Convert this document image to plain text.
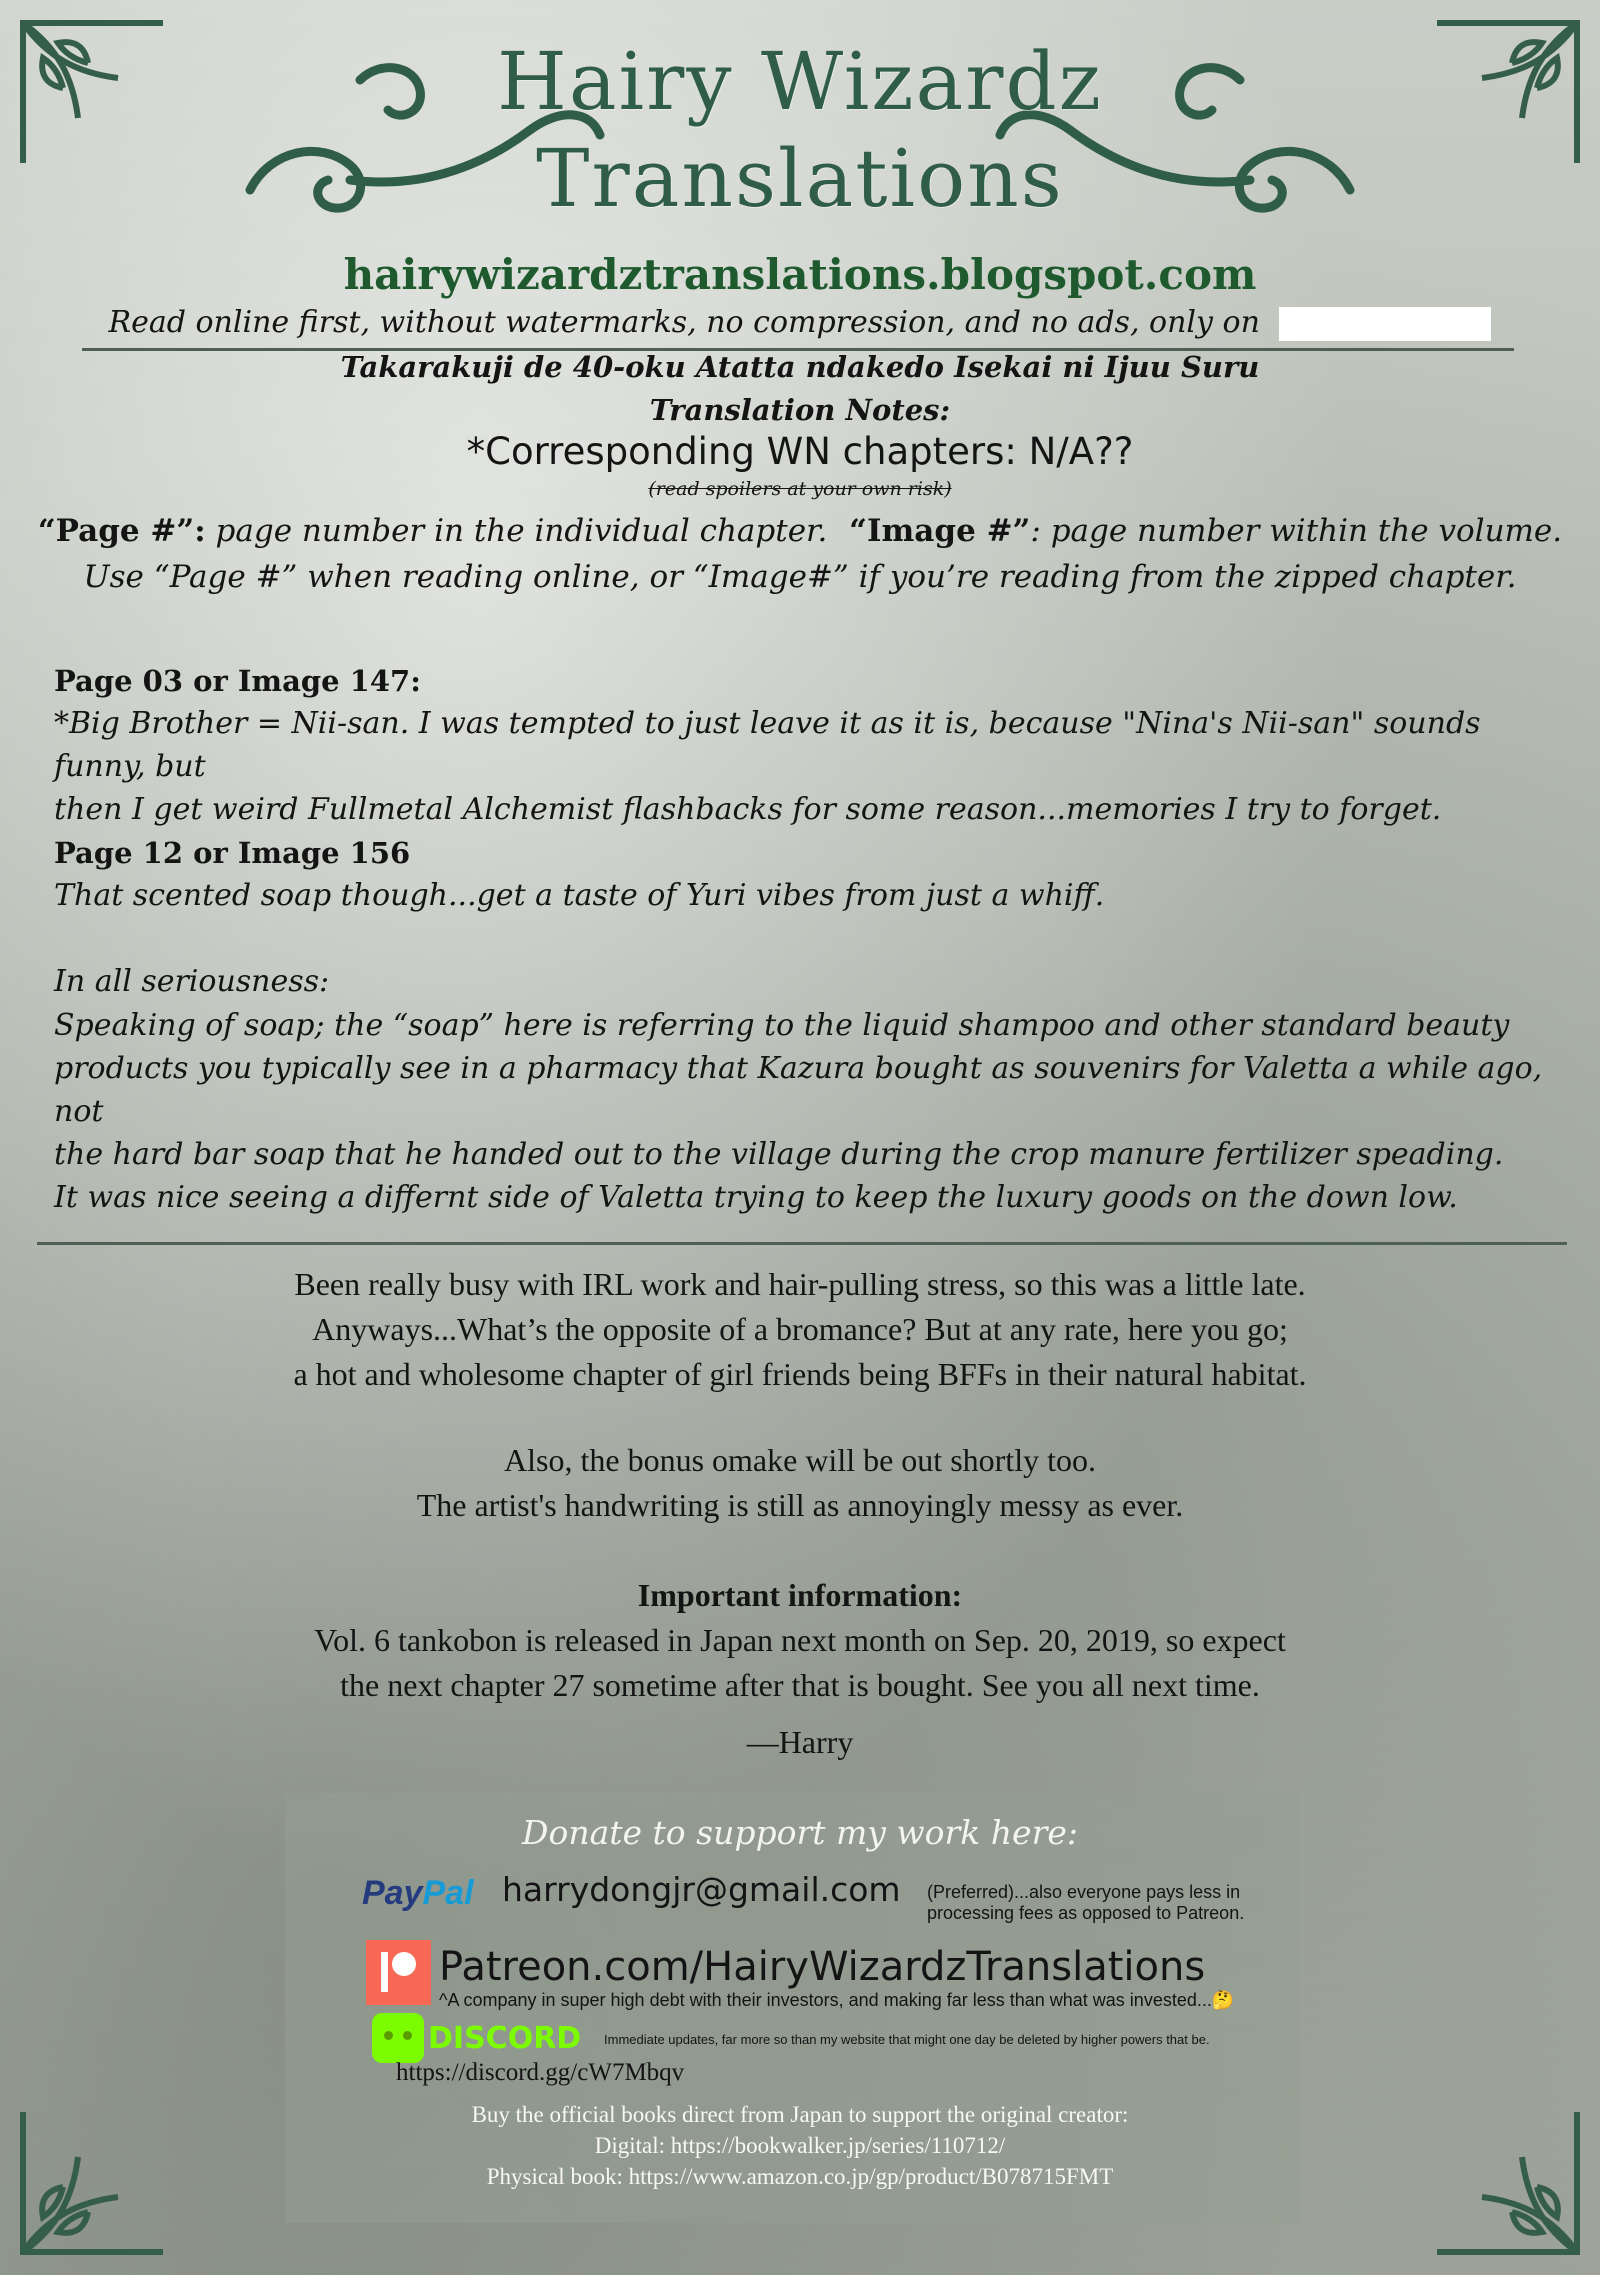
Hairy Wizardz
Translations
hairywizardztranslations.blogspot.com
Read online first, without watermarks, no compression, and no ads, only on
Takarakuji de 40-oku Atatta ndakedo Isekai ni Ijuu Suru
Translation Notes:
*Corresponding WN chapters: N/A??
(read spoilers at your own risk)
“Page #”: page number in the individual chapter. “Image #”: page number within the volume.
Use “Page #” when reading online, or “Image#” if you’re reading from the zipped chapter.
Page 03 or Image 147:
*Big Brother = Nii-san. I was tempted to just leave it as it is, because "Nina's Nii-san" sounds funny, but
then I get weird Fullmetal Alchemist flashbacks for some reason...memories I try to forget.
Page 12 or Image 156
That scented soap though...get a taste of Yuri vibes from just a whiff.
In all seriousness:
Speaking of soap; the “soap” here is referring to the liquid shampoo and other standard beauty
products you typically see in a pharmacy that Kazura bought as souvenirs for Valetta a while ago, not
the hard bar soap that he handed out to the village during the crop manure fertilizer speading.
It was nice seeing a differnt side of Valetta trying to keep the luxury goods on the down low.
Been really busy with IRL work and hair-pulling stress, so this was a little late.
Anyways...What’s the opposite of a bromance? But at any rate, here you go;
a hot and wholesome chapter of girl friends being BFFs in their natural habitat.
Also, the bonus omake will be out shortly too.
The artist's handwriting is still as annoyingly messy as ever.
Important information:
Vol. 6 tankobon is released in Japan next month on Sep. 20, 2019, so expect
the next chapter 27 sometime after that is bought. See you all next time.
—Harry
Donate to support my work here:
PayPal harrydongjr@gmail.com (Preferred)...also everyone pays less in
processing fees as opposed to Patreon.
Patreon.com/HairyWizardzTranslations
^A company in super high debt with their investors, and making far less than what was invested...🤔
DISCORD Immediate updates, far more so than my website that might one day be deleted by higher powers that be.
https://discord.gg/cW7Mbqv
Buy the official books direct from Japan to support the original creator:
Digital: https://bookwalker.jp/series/110712/
Physical book: https://www.amazon.co.jp/gp/product/B078715FMT
